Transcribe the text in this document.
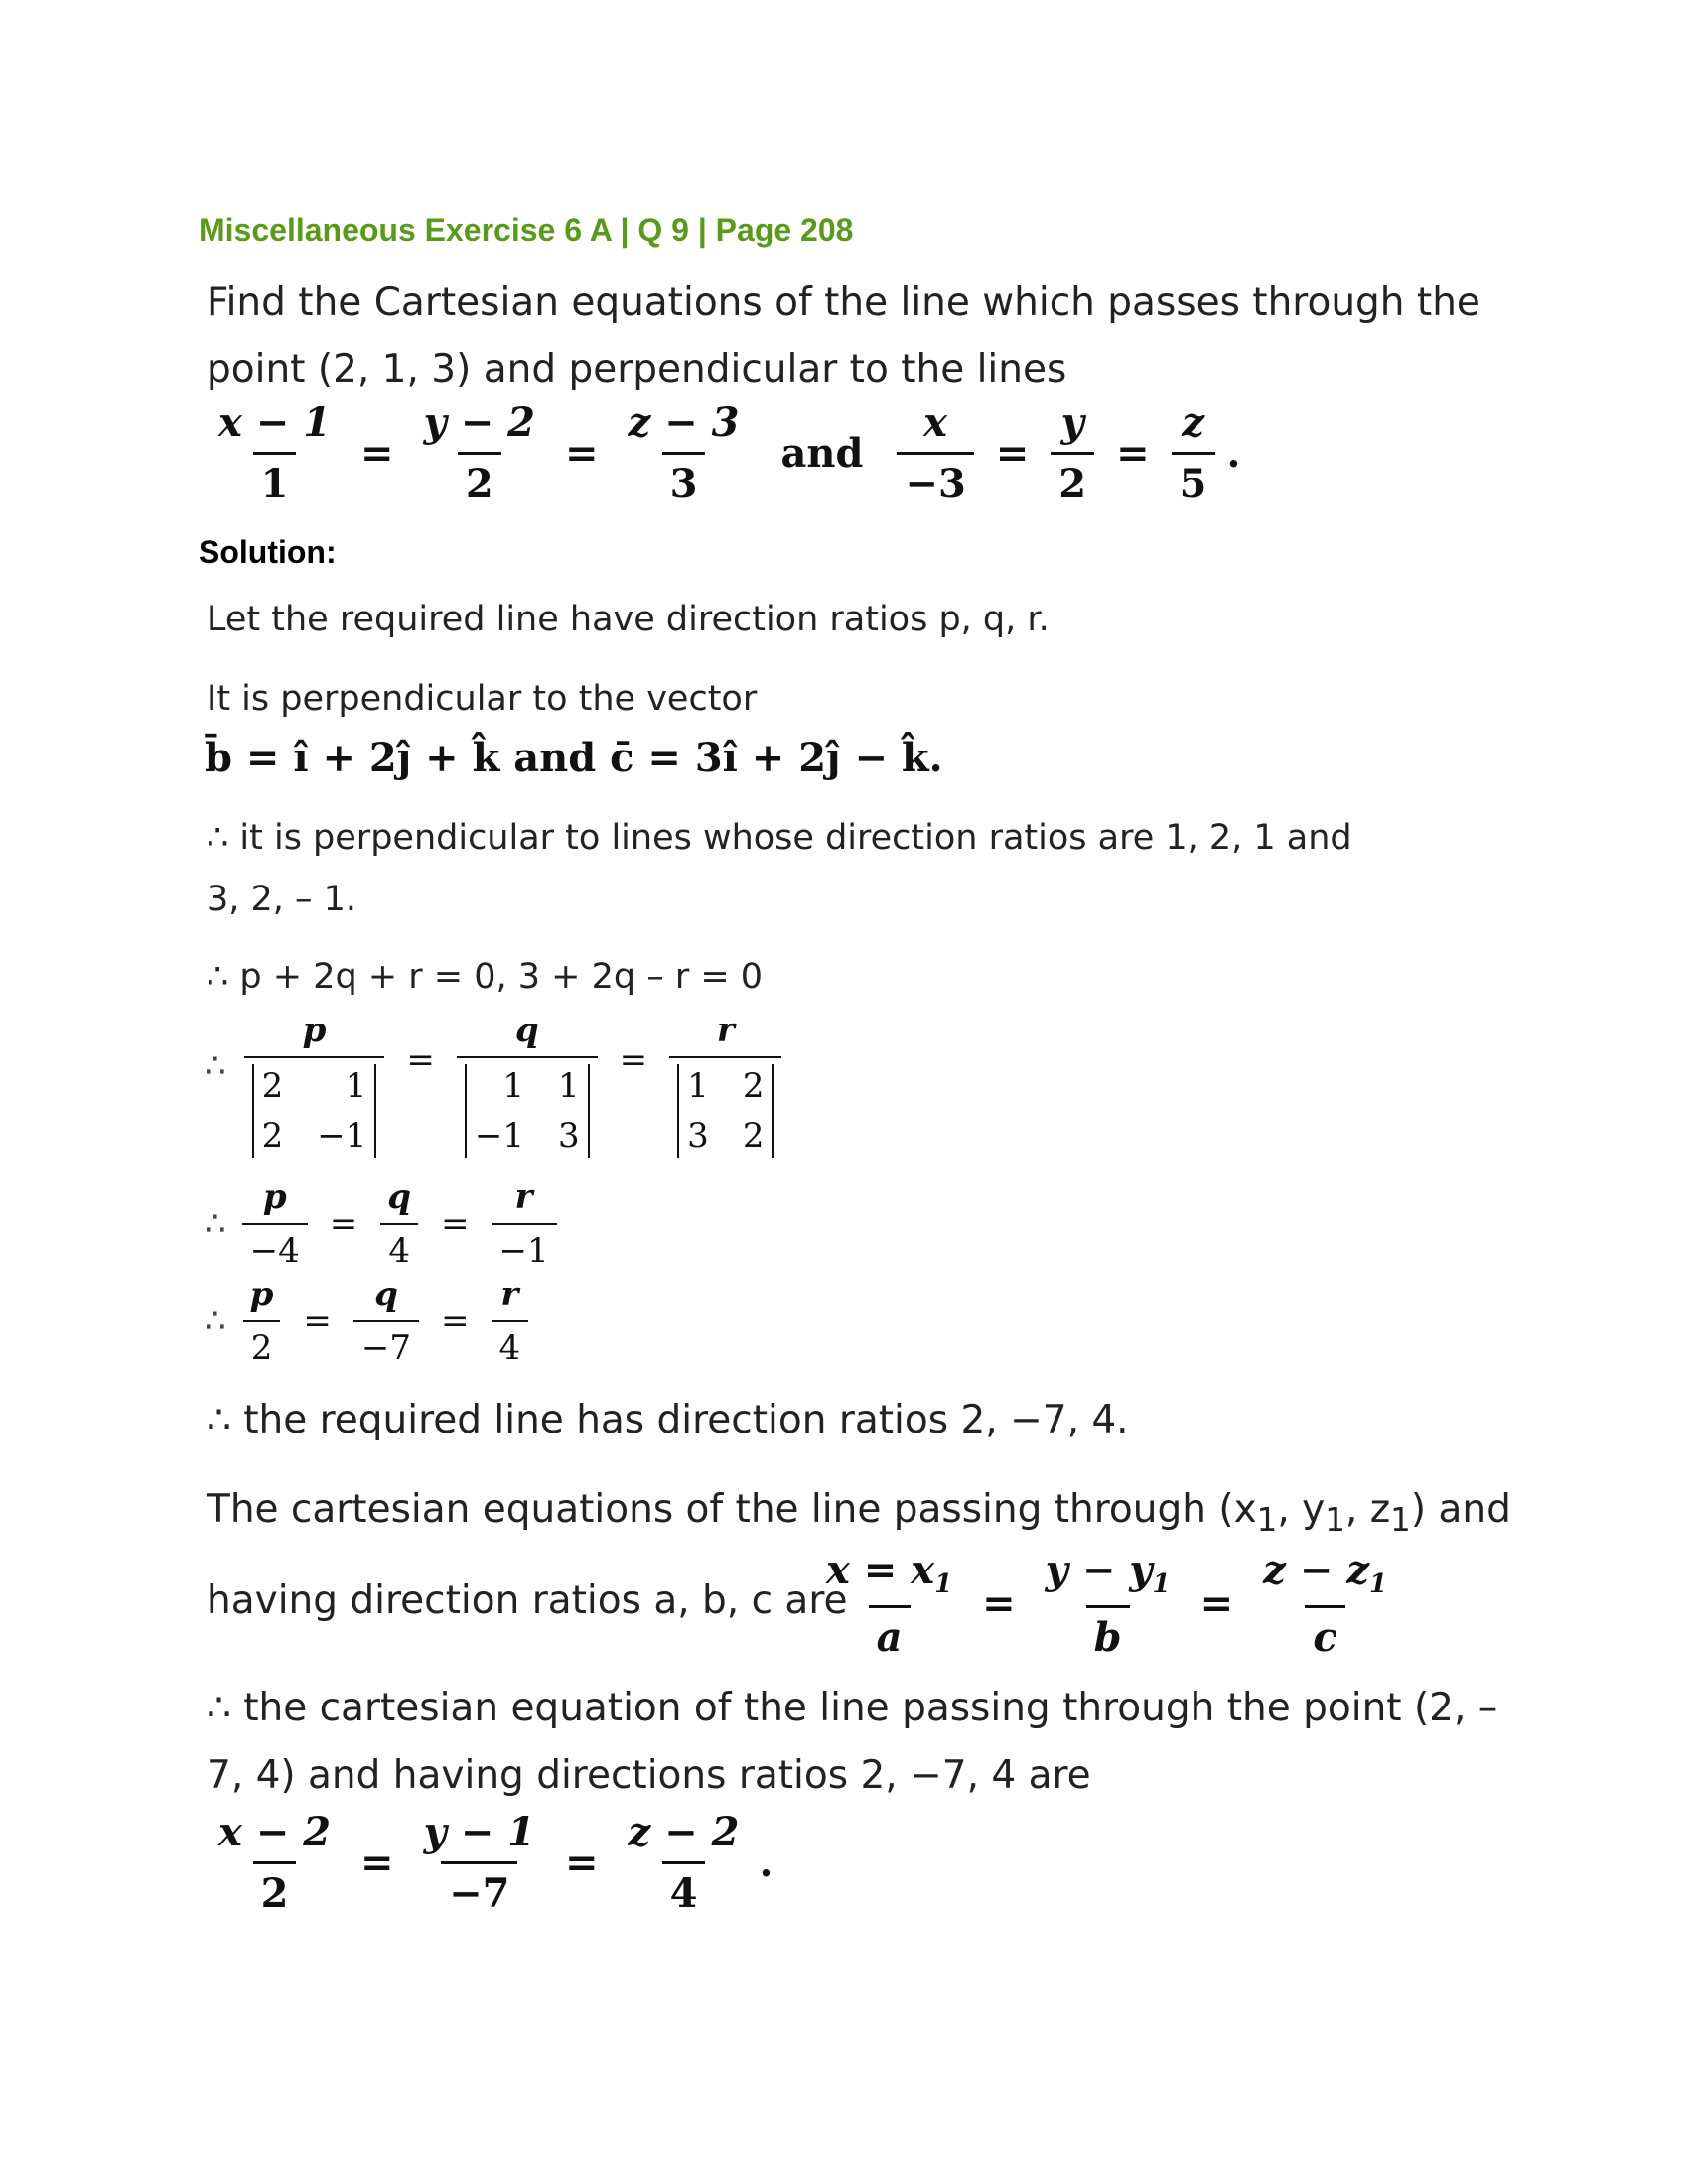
Miscellaneous Exercise 6 A | Q 9 | Page 208
Find the Cartesian equations of the line which passes through the
point (2, 1, 3) and perpendicular to the lines
$\frac{x - 1}{1} = \frac{y - 2}{2} = \frac{z - 3}{3}$ and $\frac{x}{-3} = \frac{y}{2} = \frac{z}{5}$ .
Solution:
Let the required line have direction ratios p, q, r.
It is perpendicular to the vector
b̄ = î + 2ĵ + k̂ and c̄ = 3î + 2ĵ − k̂.
∴ it is perpendicular to lines whose direction ratios are 1, 2, 1 and
3, 2, – 1.
∴ p + 2q + r = 0, 3 + 2q – r = 0
∴ p
2	1
2 −1 = q
1 1
−1 3 = r
1 2
3 2
∴ $\frac{p}{-4} = \frac{q}{4} = \frac{r}{-1}$
∴ $\frac{p}{2} = \frac{q}{-7} = \frac{r}{4}$
∴ the required line has direction ratios 2, −7, 4.
The cartesian equations of the line passing through ($x_1$, $y_1$, $z_1$) and
having direction ratios a, b, c are
$\frac{x = x_1}{a} = \frac{y - y_1}{b} = \frac{z - z_1}{c}$
∴ the cartesian equation of the line passing through the point (2, –
7, 4) and having directions ratios 2, −7, 4 are
$\frac{x - 2}{2} = \frac{y - 1}{-7} = \frac{z - 2}{4}$ .
